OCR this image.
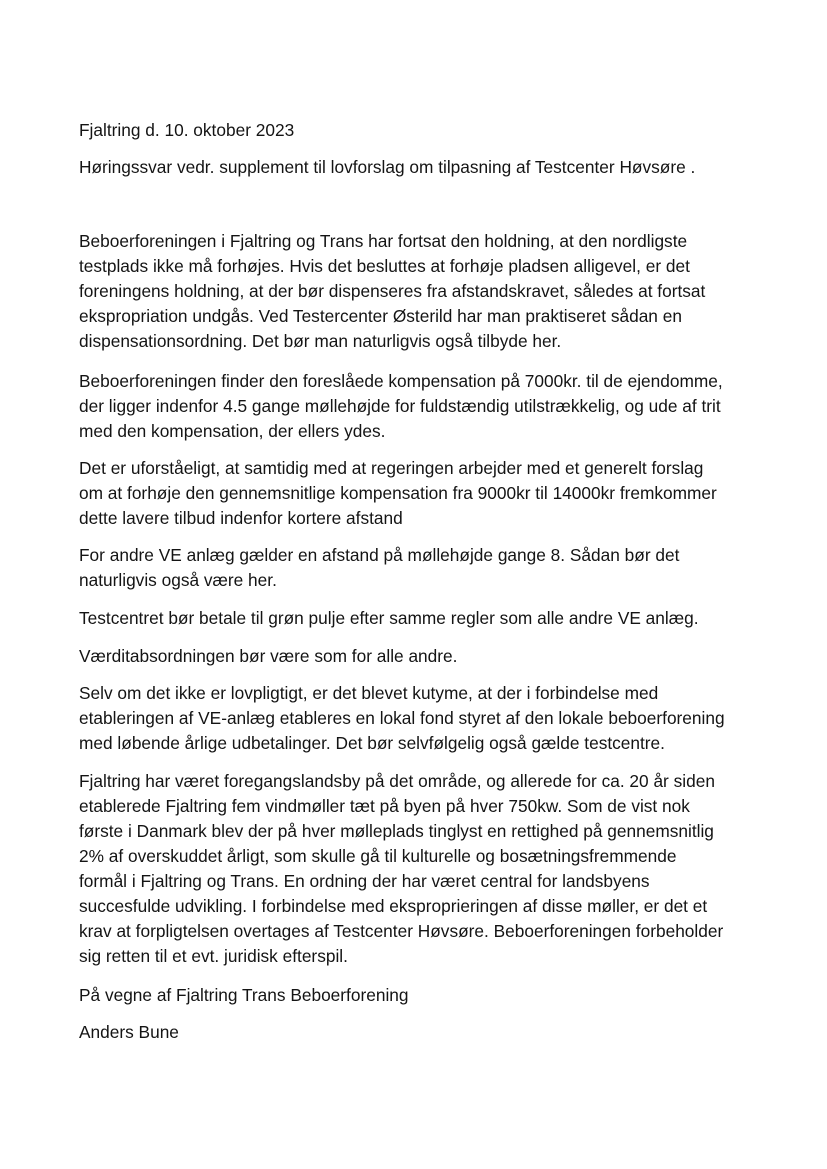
Fjaltring d. 10. oktober 2023

Høringssvar vedr. supplement til lovforslag om tilpasning af Testcenter Høvsøre .

Beboerforeningen i Fjaltring og Trans har fortsat den holdning, at den nordligste
testplads ikke må forhøjes. Hvis det besluttes at forhøje pladsen alligevel, er det
foreningens holdning, at der bør dispenseres fra afstandskravet, således at fortsat
ekspropriation undgås. Ved Testercenter Østerild har man praktiseret sådan en
dispensationsordning. Det bør man naturligvis også tilbyde her.
Beboerforeningen finder den foreslåede kompensation på 7000kr. til de ejendomme,
der ligger indenfor 4.5 gange møllehøjde for fuldstændig utilstrækkelig, og ude af trit
med den kompensation, der ellers ydes.
Det er uforståeligt, at samtidig med at regeringen arbejder med et generelt forslag
om at forhøje den gennemsnitlige kompensation fra 9000kr til 14000kr fremkommer
dette lavere tilbud indenfor kortere afstand
For andre VE anlæg gælder en afstand på møllehøjde gange 8. Sådan bør det
naturligvis også være her.
Testcentret bør betale til grøn pulje efter samme regler som alle andre VE anlæg.
Værditabsordningen bør være som for alle andre.
Selv om det ikke er lovpligtigt, er det blevet kutyme, at der i forbindelse med
etableringen af VE-anlæg etableres en lokal fond styret af den lokale beboerforening
med løbende årlige udbetalinger. Det bør selvfølgelig også gælde testcentre.
Fjaltring har været foregangslandsby på det område, og allerede for ca. 20 år siden
etablerede Fjaltring fem vindmøller tæt på byen på hver 750kw. Som de vist nok
første i Danmark blev der på hver mølleplads tinglyst en rettighed på gennemsnitlig
2% af overskuddet årligt, som skulle gå til kulturelle og bosætningsfremmende
formål i Fjaltring og Trans. En ordning der har været central for landsbyens
succesfulde udvikling. I forbindelse med eksproprieringen af disse møller, er det et
krav at forpligtelsen overtages af Testcenter Høvsøre. Beboerforeningen forbeholder
sig retten til et evt. juridisk efterspil.

På vegne af Fjaltring Trans Beboerforening

Anders Bune
